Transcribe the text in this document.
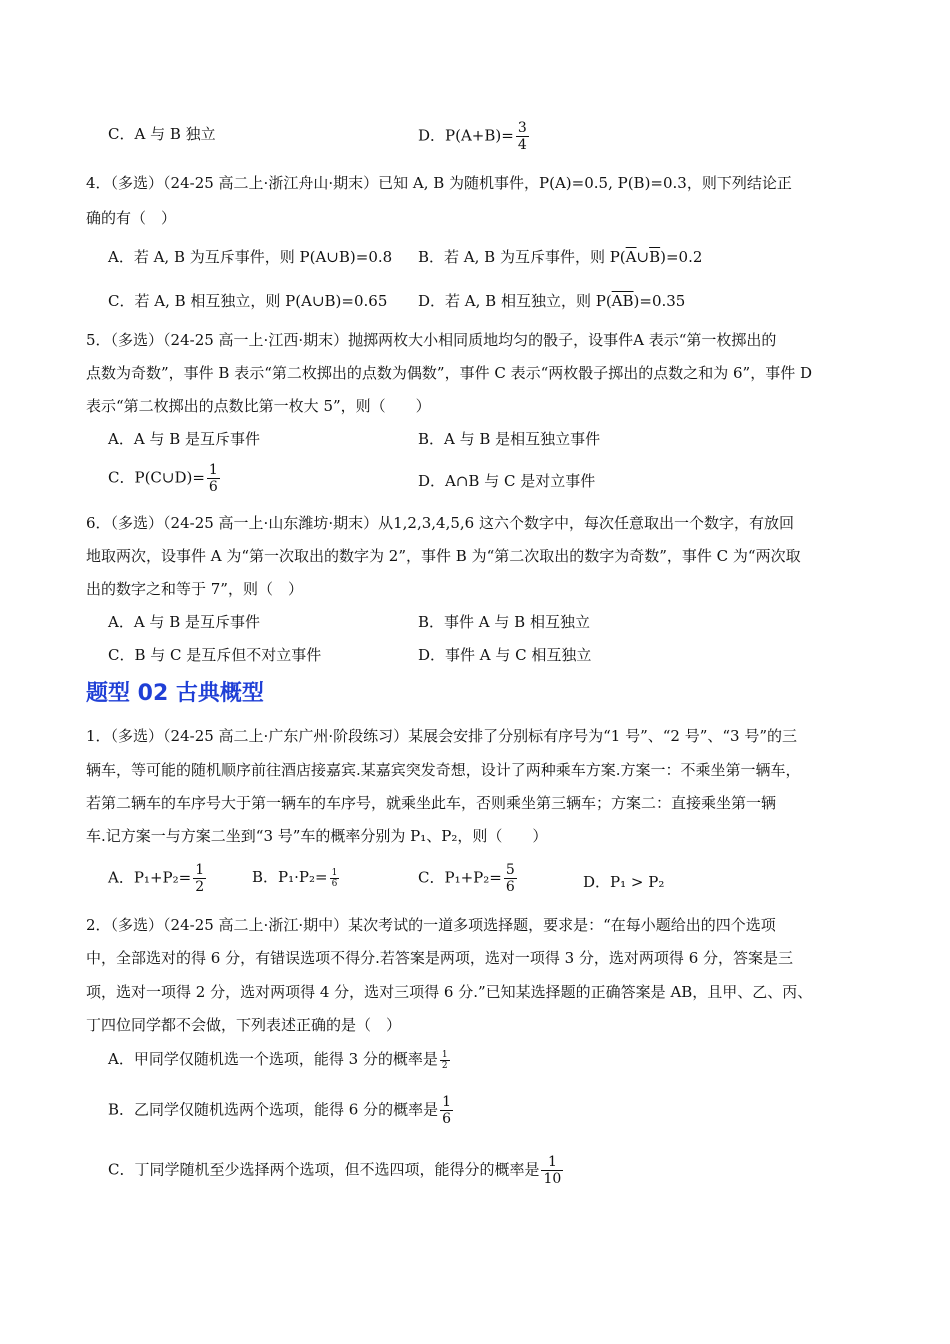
C．A 与 B 独立	D．$P(A+B)= \frac{3}{4}$
4．（多选）（24-25 高二上·浙江舟山·期末）已知 A, B 为随机事件，P(A)=0.5, P(B)=0.3，则下列结论正
确的有（　）
A．若 A, B 为互斥事件，则 P(A∪B)=0.8 B．若 A, B 为互斥事件，则 $P(\overline{A}\cup\overline{B})=0.2$
C．若 A, B 相互独立，则 P(A∪B)=0.65 D．若 A, B 相互独立，则 $P(\overline{AB})=0.35$
5．（多选）（24-25 高一上·江西·期末）抛掷两枚大小相同质地均匀的骰子，设事件A 表示“第一枚掷出的
点数为奇数”，事件 B 表示“第二枚掷出的点数为偶数”，事件 C 表示“两枚骰子掷出的点数之和为 6”，事件 D
表示“第二枚掷出的点数比第一枚大 5”，则（　　）
A．A 与 B 是互斥事件	B．A 与 B 是相互独立事件
C．P(C∪D)= $\frac{1}{6}$	D．A∩B 与 C 是对立事件
6．（多选）（24-25 高一上·山东潍坊·期末）从1,2,3,4,5,6 这六个数字中，每次任意取出一个数字，有放回
地取两次，设事件 A 为“第一次取出的数字为 2”，事件 B 为“第二次取出的数字为奇数”，事件 C 为“两次取
出的数字之和等于 7”，则（　）
A．A 与 B 是互斥事件	B．事件 A 与 B 相互独立
C．B 与 C 是互斥但不对立事件	D．事件 A 与 C 相互独立
题型 02 古典概型
1．（多选）（24-25 高二上·广东广州·阶段练习）某展会安排了分别标有序号为“1 号”、“2 号”、“3 号”的三
辆车，等可能的随机顺序前往酒店接嘉宾.某嘉宾突发奇想，设计了两种乘车方案.方案一：不乘坐第一辆车，
若第二辆车的车序号大于第一辆车的车序号，就乘坐此车，否则乘坐第三辆车；方案二：直接乘坐第一辆
车.记方案一与方案二坐到“3 号”车的概率分别为 P₁、P₂，则（　　）
A．$P_1+P_2= \frac{1}{2}$	B．$P_1\cdot P_2= \frac{1}{6}$	C．$P_1+P_2= \frac{5}{6}$	D．P₁ > P₂
2．（多选）（24-25 高二上·浙江·期中）某次考试的一道多项选择题，要求是：“在每小题给出的四个选项
中，全部选对的得 6 分，有错误选项不得分.若答案是两项，选对一项得 3 分，选对两项得 6 分，答案是三
项，选对一项得 2 分，选对两项得 4 分，选对三项得 6 分.”已知某选择题的正确答案是 AB，且甲、乙、丙、
丁四位同学都不会做，下列表述正确的是（　）
A．甲同学仅随机选一个选项，能得 3 分的概率是 $\frac{1}{2}$
B．乙同学仅随机选两个选项，能得 6 分的概率是 $\frac{1}{6}$
C．丁同学随机至少选择两个选项，但不选四项，能得分的概率是 $\frac{1}{10}$
